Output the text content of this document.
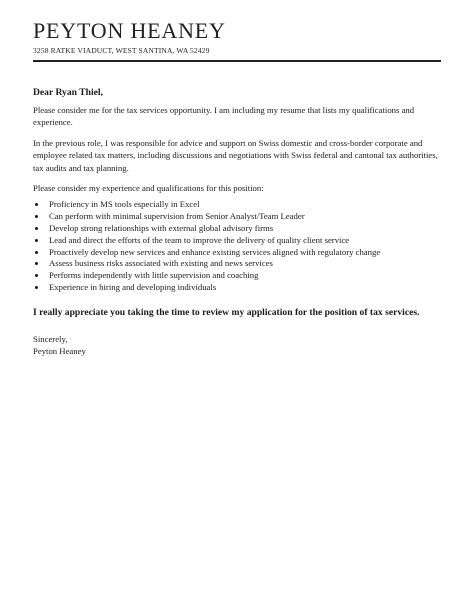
PEYTON HEANEY
3258 RATKE VIADUCT, WEST SANTINA, WA 52429
Dear Ryan Thiel,

Please consider me for the tax services opportunity. I am including my resume that lists my qualifications and experience.

In the previous role, I was responsible for advice and support on Swiss domestic and cross-border corporate and employee related tax matters, including discussions and negotiations with Swiss federal and cantonal tax authorities, tax audits and tax planning.

Please consider my experience and qualifications for this position:

• Proficiency in MS tools especially in Excel
• Can perform with minimal supervision from Senior Analyst/Team Leader
• Develop strong relationships with external global advisory firms
• Lead and direct the efforts of the team to improve the delivery of quality client service
• Proactively develop new services and enhance existing services aligned with regulatory change
• Assess business risks associated with existing and news services
• Performs independently with little supervision and coaching
• Experience in hiring and developing individuals
I really appreciate you taking the time to review my application for the position of tax services.
Sincerely,
Peyton Heaney
